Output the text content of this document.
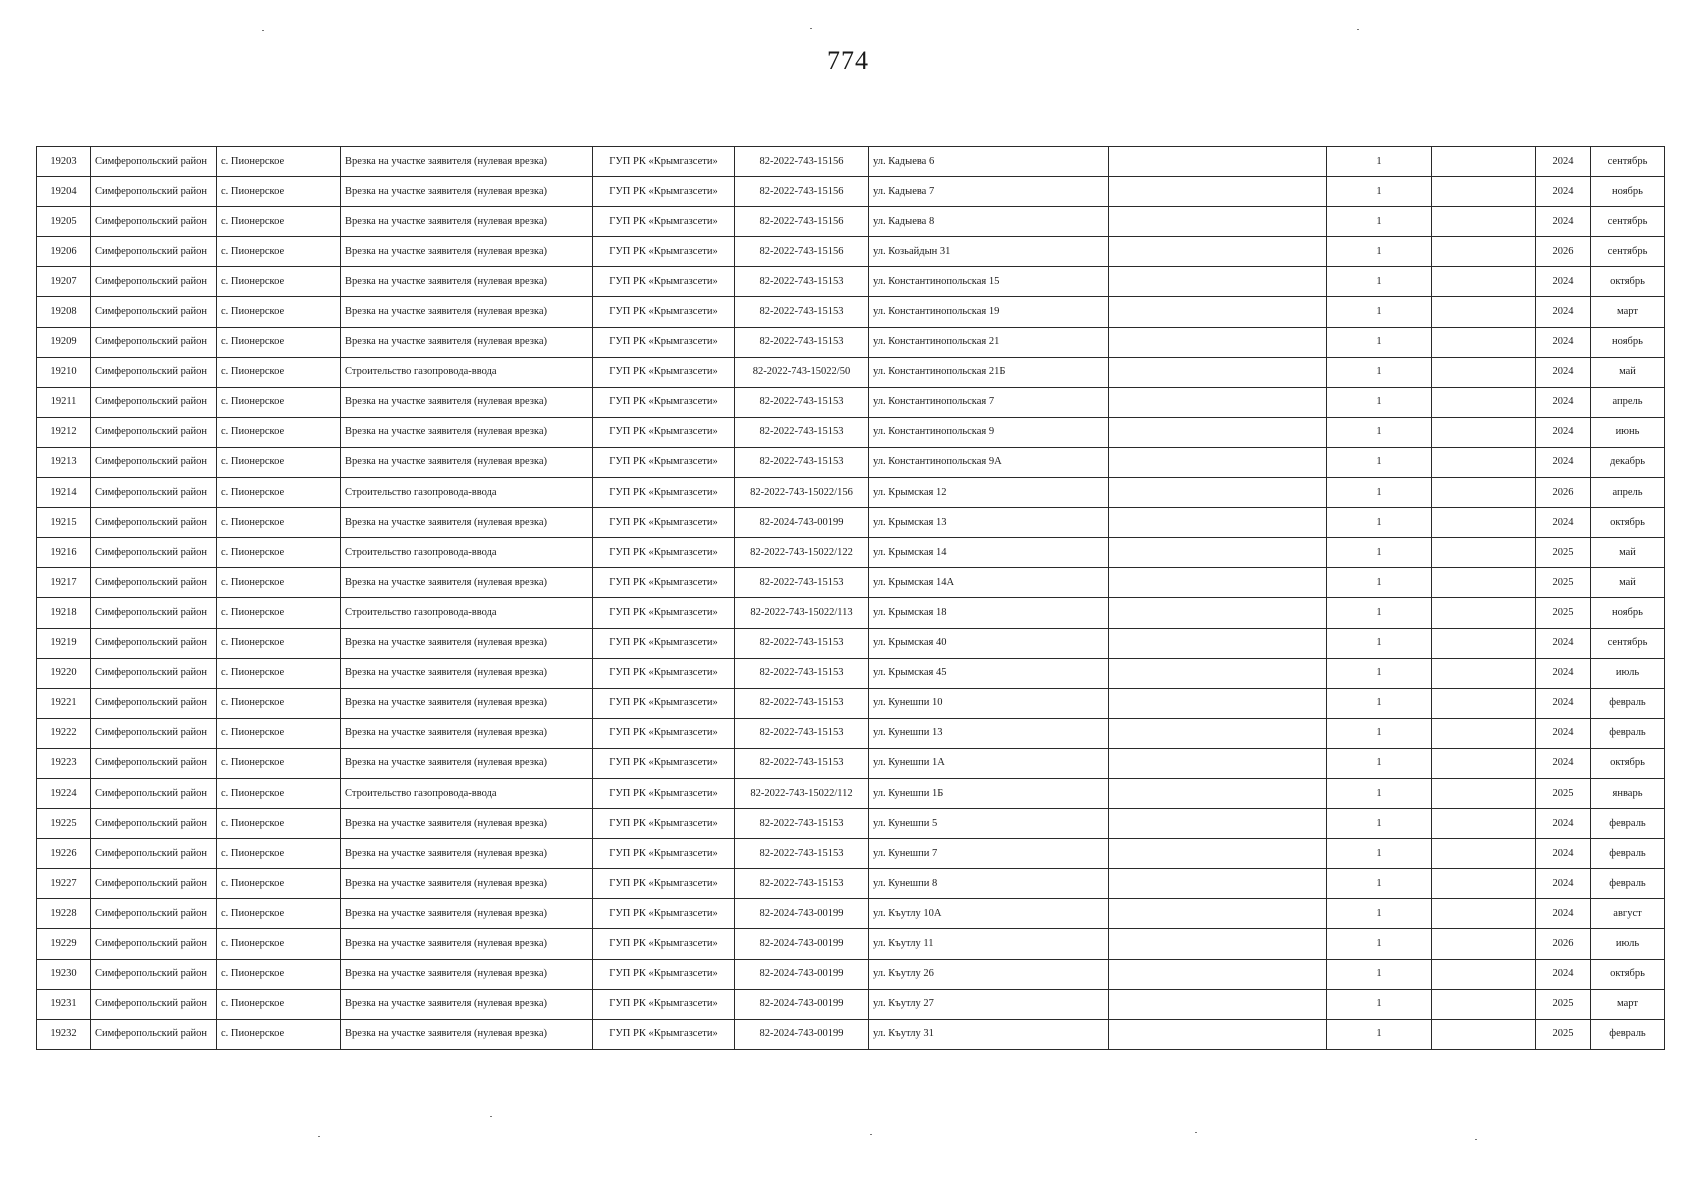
774
19203	Симферопольский район	с. Пионерское	Врезка на участке заявителя (нулевая врезка)	ГУП РК «Крымгазсети»	82-2022-743-15156	ул. Кадыева 6		1		2024	сентябрь
19204	Симферопольский район	с. Пионерское	Врезка на участке заявителя (нулевая врезка)	ГУП РК «Крымгазсети»	82-2022-743-15156	ул. Кадыева 7		1		2024	ноябрь
19205	Симферопольский район	с. Пионерское	Врезка на участке заявителя (нулевая врезка)	ГУП РК «Крымгазсети»	82-2022-743-15156	ул. Кадыева 8		1		2024	сентябрь
19206	Симферопольский район	с. Пионерское	Врезка на участке заявителя (нулевая врезка)	ГУП РК «Крымгазсети»	82-2022-743-15156	ул. Козьайдын 31		1		2026	сентябрь
19207	Симферопольский район	с. Пионерское	Врезка на участке заявителя (нулевая врезка)	ГУП РК «Крымгазсети»	82-2022-743-15153	ул. Константинопольская 15		1		2024	октябрь
19208	Симферопольский район	с. Пионерское	Врезка на участке заявителя (нулевая врезка)	ГУП РК «Крымгазсети»	82-2022-743-15153	ул. Константинопольская 19		1		2024	март
19209	Симферопольский район	с. Пионерское	Врезка на участке заявителя (нулевая врезка)	ГУП РК «Крымгазсети»	82-2022-743-15153	ул. Константинопольская 21		1		2024	ноябрь
19210	Симферопольский район	с. Пионерское	Строительство газопровода-ввода	ГУП РК «Крымгазсети»	82-2022-743-15022/50	ул. Константинопольская 21Б		1		2024	май
19211	Симферопольский район	с. Пионерское	Врезка на участке заявителя (нулевая врезка)	ГУП РК «Крымгазсети»	82-2022-743-15153	ул. Константинопольская 7		1		2024	апрель
19212	Симферопольский район	с. Пионерское	Врезка на участке заявителя (нулевая врезка)	ГУП РК «Крымгазсети»	82-2022-743-15153	ул. Константинопольская 9		1		2024	июнь
19213	Симферопольский район	с. Пионерское	Врезка на участке заявителя (нулевая врезка)	ГУП РК «Крымгазсети»	82-2022-743-15153	ул. Константинопольская 9А		1		2024	декабрь
19214	Симферопольский район	с. Пионерское	Строительство газопровода-ввода	ГУП РК «Крымгазсети»	82-2022-743-15022/156	ул. Крымская 12		1		2026	апрель
19215	Симферопольский район	с. Пионерское	Врезка на участке заявителя (нулевая врезка)	ГУП РК «Крымгазсети»	82-2024-743-00199	ул. Крымская 13		1		2024	октябрь
19216	Симферопольский район	с. Пионерское	Строительство газопровода-ввода	ГУП РК «Крымгазсети»	82-2022-743-15022/122	ул. Крымская 14		1		2025	май
19217	Симферопольский район	с. Пионерское	Врезка на участке заявителя (нулевая врезка)	ГУП РК «Крымгазсети»	82-2022-743-15153	ул. Крымская 14А		1		2025	май
19218	Симферопольский район	с. Пионерское	Строительство газопровода-ввода	ГУП РК «Крымгазсети»	82-2022-743-15022/113	ул. Крымская 18		1		2025	ноябрь
19219	Симферопольский район	с. Пионерское	Врезка на участке заявителя (нулевая врезка)	ГУП РК «Крымгазсети»	82-2022-743-15153	ул. Крымская 40		1		2024	сентябрь
19220	Симферопольский район	с. Пионерское	Врезка на участке заявителя (нулевая врезка)	ГУП РК «Крымгазсети»	82-2022-743-15153	ул. Крымская 45		1		2024	июль
19221	Симферопольский район	с. Пионерское	Врезка на участке заявителя (нулевая врезка)	ГУП РК «Крымгазсети»	82-2022-743-15153	ул. Кунешпи 10		1		2024	февраль
19222	Симферопольский район	с. Пионерское	Врезка на участке заявителя (нулевая врезка)	ГУП РК «Крымгазсети»	82-2022-743-15153	ул. Кунешпи 13		1		2024	февраль
19223	Симферопольский район	с. Пионерское	Врезка на участке заявителя (нулевая врезка)	ГУП РК «Крымгазсети»	82-2022-743-15153	ул. Кунешпи 1А		1		2024	октябрь
19224	Симферопольский район	с. Пионерское	Строительство газопровода-ввода	ГУП РК «Крымгазсети»	82-2022-743-15022/112	ул. Кунешпи 1Б		1		2025	январь
19225	Симферопольский район	с. Пионерское	Врезка на участке заявителя (нулевая врезка)	ГУП РК «Крымгазсети»	82-2022-743-15153	ул. Кунешпи 5		1		2024	февраль
19226	Симферопольский район	с. Пионерское	Врезка на участке заявителя (нулевая врезка)	ГУП РК «Крымгазсети»	82-2022-743-15153	ул. Кунешпи 7		1		2024	февраль
19227	Симферопольский район	с. Пионерское	Врезка на участке заявителя (нулевая врезка)	ГУП РК «Крымгазсети»	82-2022-743-15153	ул. Кунешпи 8		1		2024	февраль
19228	Симферопольский район	с. Пионерское	Врезка на участке заявителя (нулевая врезка)	ГУП РК «Крымгазсети»	82-2024-743-00199	ул. Къутлу 10А		1		2024	август
19229	Симферопольский район	с. Пионерское	Врезка на участке заявителя (нулевая врезка)	ГУП РК «Крымгазсети»	82-2024-743-00199	ул. Къутлу 11		1		2026	июль
19230	Симферопольский район	с. Пионерское	Врезка на участке заявителя (нулевая врезка)	ГУП РК «Крымгазсети»	82-2024-743-00199	ул. Къутлу 26		1		2024	октябрь
19231	Симферопольский район	с. Пионерское	Врезка на участке заявителя (нулевая врезка)	ГУП РК «Крымгазсети»	82-2024-743-00199	ул. Къутлу 27		1		2025	март
19232	Симферопольский район	с. Пионерское	Врезка на участке заявителя (нулевая врезка)	ГУП РК «Крымгазсети»	82-2024-743-00199	ул. Къутлу 31		1		2025	февраль
